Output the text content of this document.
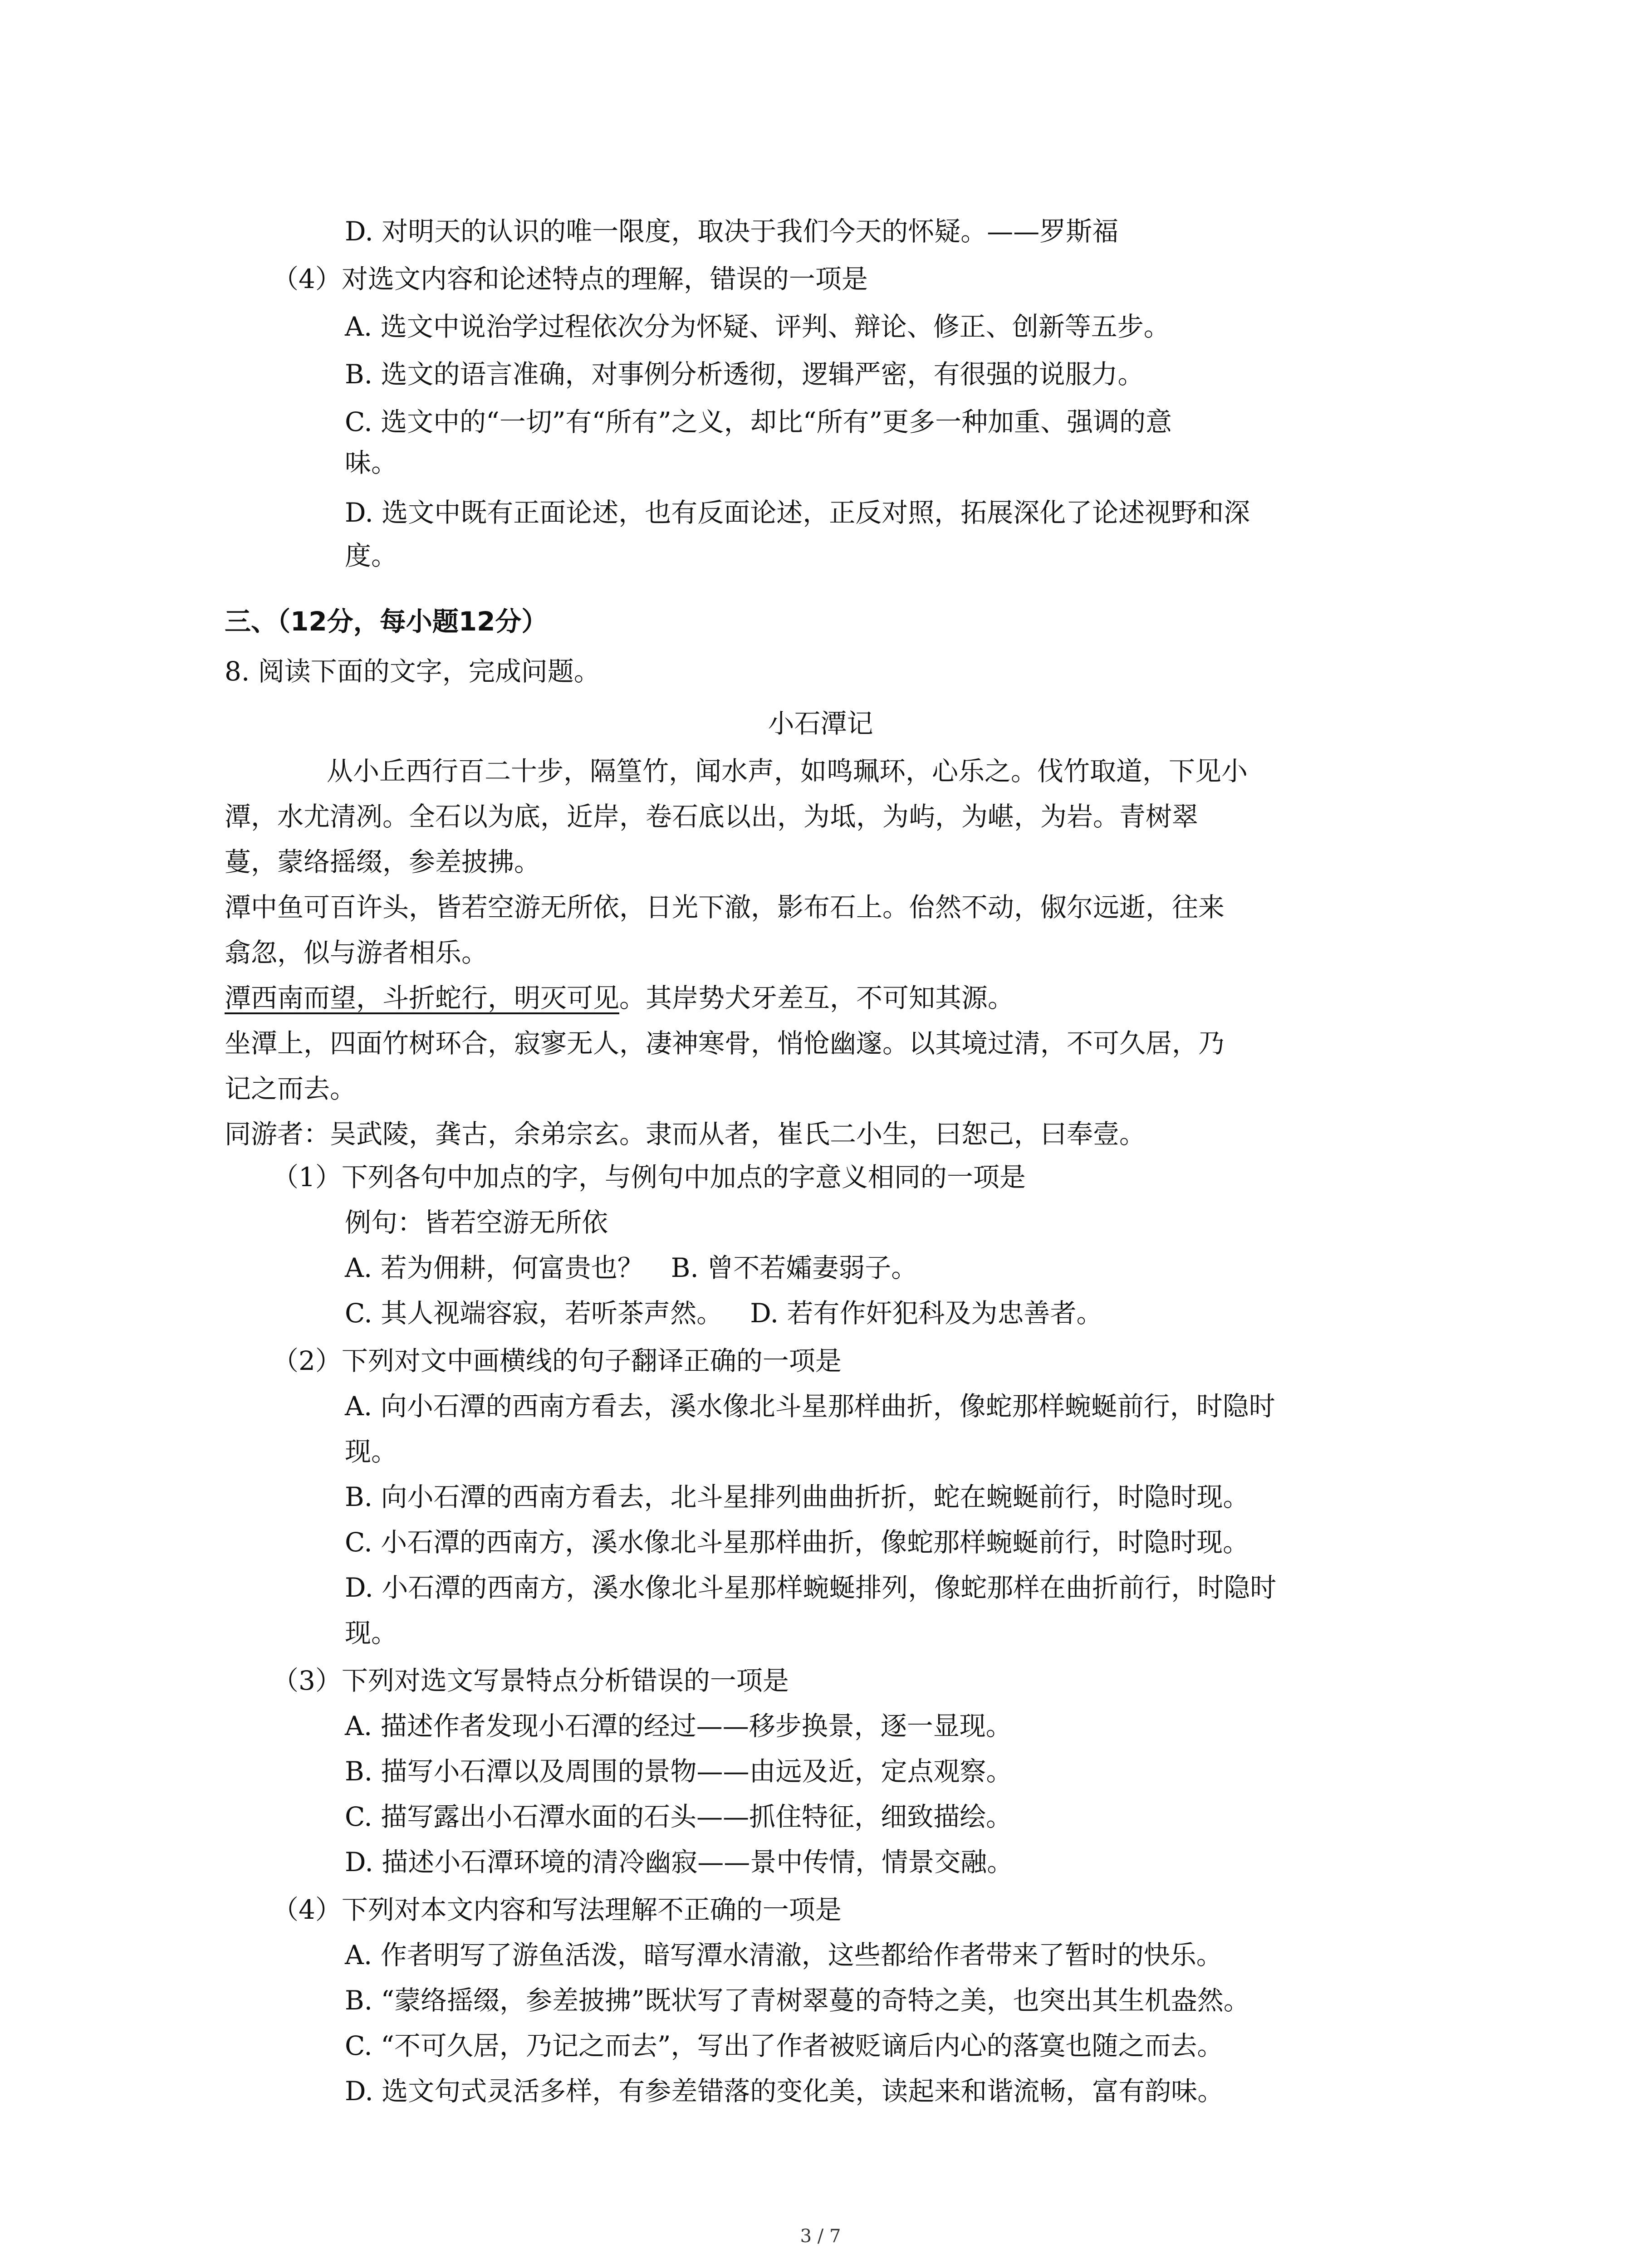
D. 对明天的认识的唯一限度，取决于我们今天的怀疑。——罗斯福
（4）对选文内容和论述特点的理解，错误的一项是
A. 选文中说治学过程依次分为怀疑、评判、辩论、修正、创新等五步。
B. 选文的语言准确，对事例分析透彻，逻辑严密，有很强的说服力。
C. 选文中的“一切”有“所有”之义，却比“所有”更多一种加重、强调的意
味。
D. 选文中既有正面论述，也有反面论述，正反对照，拓展深化了论述视野和深
度。
三、（12分，每小题12分）
8. 阅读下面的文字，完成问题。
小石潭记
从小丘西行百二十步，隔篁竹，闻水声，如鸣珮环，心乐之。伐竹取道，下见小
潭，水尤清冽。全石以为底，近岸，卷石底以出，为坻，为屿，为嵁，为岩。青树翠
蔓，蒙络摇缀，参差披拂。
潭中鱼可百许头，皆若空游无所依，日光下澈，影布石上。佁然不动，俶尔远逝，往来
翕忽，似与游者相乐。
潭西南而望，斗折蛇行，明灭可见。其岸势犬牙差互，不可知其源。
坐潭上，四面竹树环合，寂寥无人，凄神寒骨，悄怆幽邃。以其境过清，不可久居，乃
记之而去。
同游者：吴武陵，龚古，余弟宗玄。隶而从者，崔氏二小生，曰恕己，曰奉壹。
（1）下列各句中加点的字，与例句中加点的字意义相同的一项是
例句：皆若空游无所依
A. 若为佣耕，何富贵也？ B. 曾不若孀妻弱子。
C. 其人视端容寂，若听茶声然。 D. 若有作奸犯科及为忠善者。
（2）下列对文中画横线的句子翻译正确的一项是
A. 向小石潭的西南方看去，溪水像北斗星那样曲折，像蛇那样蜿蜒前行，时隐时
现。
B. 向小石潭的西南方看去，北斗星排列曲曲折折，蛇在蜿蜒前行，时隐时现。
C. 小石潭的西南方，溪水像北斗星那样曲折，像蛇那样蜿蜒前行，时隐时现。
D. 小石潭的西南方，溪水像北斗星那样蜿蜒排列，像蛇那样在曲折前行，时隐时
现。
（3）下列对选文写景特点分析错误的一项是
A. 描述作者发现小石潭的经过——移步换景，逐一显现。
B. 描写小石潭以及周围的景物——由远及近，定点观察。
C. 描写露出小石潭水面的石头——抓住特征，细致描绘。
D. 描述小石潭环境的清冷幽寂——景中传情，情景交融。
（4）下列对本文内容和写法理解不正确的一项是
A. 作者明写了游鱼活泼，暗写潭水清澈，这些都给作者带来了暂时的快乐。
B. “蒙络摇缀，参差披拂”既状写了青树翠蔓的奇特之美，也突出其生机盎然。
C. “不可久居，乃记之而去”，写出了作者被贬谪后内心的落寞也随之而去。
D. 选文句式灵活多样，有参差错落的变化美，读起来和谐流畅，富有韵味。
3 / 7
